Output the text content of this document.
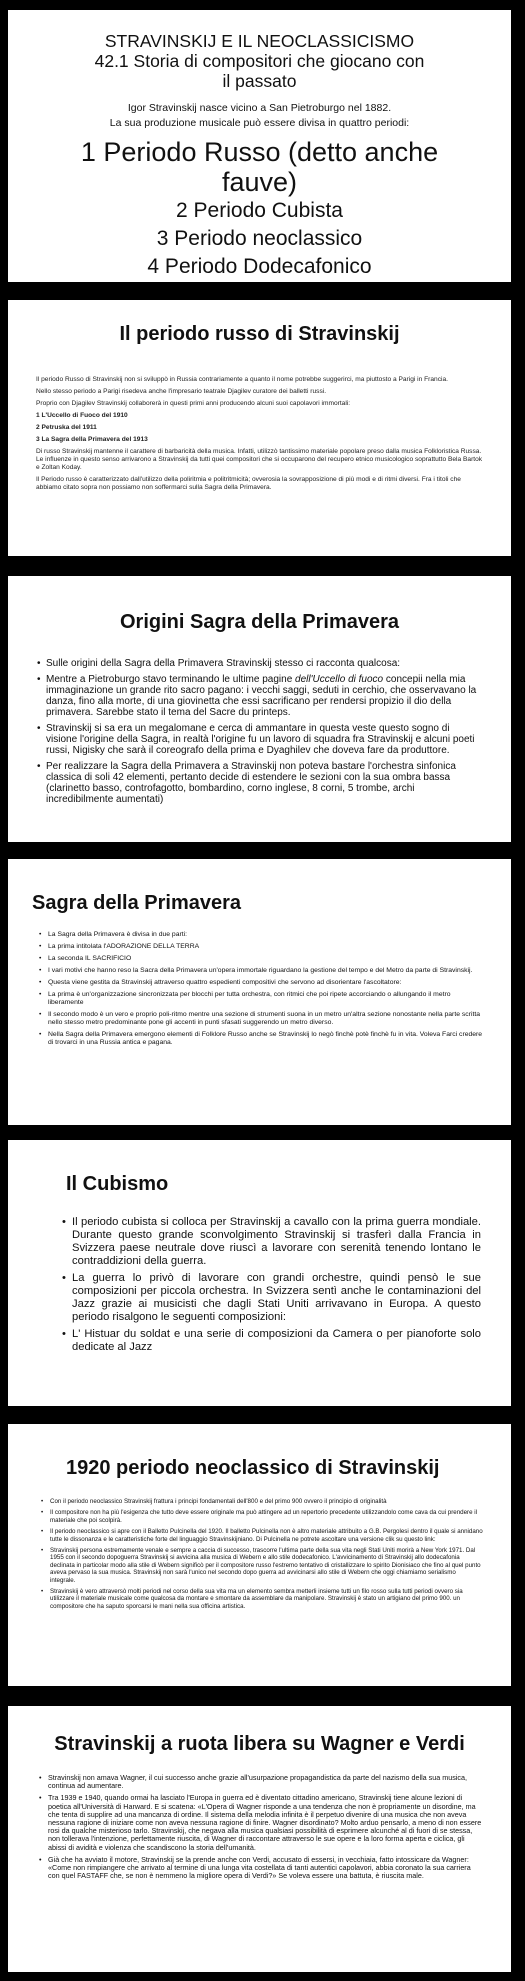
STRAVINSKIJ E IL NEOCLASSICISMO

42.1 Storia di compositori che giocano con

il passato

Igor Stravinskij nasce vicino a San Pietroburgo nel 1882.

La sua produzione musicale può essere divisa in quattro periodi:

1 Periodo Russo (detto anche
fauve)
2 Periodo Cubista
3 Periodo neoclassico
4 Periodo Dodecafonico
Il periodo russo di Stravinskij

Il periodo Russo di Stravinskij non si sviluppò in Russia contrariamente a quanto il nome potrebbe suggerirci, ma piuttosto a Parigi in Francia.

Nello stesso periodo a Parigi risedeva anche l'impresario teatrale Djagilev curatore dei balletti russi.

Proprio con Djagilev Stravinskij collaborerà in questi primi anni producendo alcuni suoi capolavori immortali:

1 L'Uccello di Fuoco del 1910

2 Petruska del 1911

3 La Sagra della Primavera del 1913

Di russo Stravinskij mantenne il carattere di barbaricità della musica. Infatti, utilizzò tantissimo materiale popolare preso dalla musica Folkloristica Russa. Le influenze in questo senso arrivarono a Stravinskij da tutti quei compositori che si occuparono del recupero etnico musicologico soprattutto Bela Bartok e Zoltan Koday.

Il Periodo russo è caratterizzato dall'utilizzo della poliritmia e politritmicità; ovverosia la sovrapposizione di più modi e di ritmi diversi. Fra i titoli che abbiamo citato sopra non possiamo non soffermarci sulla Sagra della Primavera.

Origini Sagra della Primavera
• Sulle origini della Sagra della Primavera Stravinskij stesso ci racconta qualcosa:
• Mentre a Pietroburgo stavo terminando le ultime pagine dell'Uccello di fuoco concepii nella mia immaginazione un grande rito sacro pagano: i vecchi saggi, seduti in cerchio, che osservavano la danza, fino alla morte, di una giovinetta che essi sacrificano per rendersi propizio il dio della primavera. Sarebbe stato il tema del Sacre du printeps.
• Stravinskij si sa era un megalomane e cerca di ammantare in questa veste questo sogno di visione l'origine della Sagra, in realtà l'origine fu un lavoro di squadra fra Stravinskij e alcuni poeti russi, Nigisky che sarà il coreografo della prima e Dyaghilev che doveva fare da produttore.
• Per realizzare la Sagra della Primavera a Stravinskij non poteva bastare l'orchestra sinfonica classica di soli 42 elementi, pertanto decide di estendere le sezioni con la sua ombra bassa (clarinetto basso, controfagotto, bombardino, corno inglese, 8 corni, 5 trombe, archi incredibilmente aumentati)
Sagra della Primavera
• La Sagra della Primavera è divisa in due parti:
• La prima intitolata l'ADORAZIONE DELLA TERRA
• La seconda IL SACRIFICIO
• I vari motivi che hanno reso la Sacra della Primavera un'opera immortale riguardano la gestione del tempo e del Metro da parte di Stravinskij.
• Questa viene gestita da Stravinskij attraverso quattro espedienti compositivi che servono ad disorientare l'ascoltatore:
• La prima è un'organizzazione sincronizzata per blocchi per tutta orchestra, con ritmici che poi ripete accorciando o allungando il metro liberamente
• Il secondo modo è un vero e proprio poli-ritmo mentre una sezione di strumenti suona in un metro un'altra sezione nonostante nella parte scritta nello stesso metro predominante pone gli accenti in punti sfasati suggerendo un metro diverso.
• Nella Sagra della Primavera emergono elementi di Folklore Russo anche se Stravinskij lo negò finchè potè finchè fu in vita. Voleva Farci credere di trovarci in una Russia antica e pagana.
Il Cubismo
• Il periodo cubista si colloca per Stravinskij a cavallo con la prima guerra mondiale. Durante questo grande sconvolgimento Stravinskij si trasferì dalla Francia in Svizzera paese neutrale dove riuscì a lavorare con serenità tenendo lontano le contraddizioni della guerra.
• La guerra lo privò di lavorare con grandi orchestre, quindi pensò le sue composizioni per piccola orchestra. In Svizzera sentì anche le contaminazioni del Jazz grazie ai musicisti che dagli Stati Uniti arrivavano in Europa. A questo periodo risalgono le seguenti composizioni:
• L' Histuar du soldat e una serie di composizioni da Camera o per pianoforte solo dedicate al Jazz
1920 periodo neoclassico di Stravinskij
• Con il periodo neoclassico Stravinskij frattura i principi fondamentali dell'800 e del primo 900 ovvero il principio di originalità
• Il compositore non ha più l'esigenza che tutto deve essere originale ma può attingere ad un repertorio precedente utilizzandolo come cava da cui prendere il materiale che poi scolpirà.
• Il periodo neoclassico si apre con il Balletto Pulcinella del 1920. Il balletto Pulcinella non è altro materiale attribuito a G.B. Pergolesi dentro il quale si annidano tutte le dissonanza e le caratteristiche forte del linguaggio Stravinskijniano. Di Pulcinella ne potrete ascoltare una versione clik su questo link:
• Stravinskij persona estremamente venale e sempre a caccia di successo, trascorre l'ultima parte della sua vita negli Stati Uniti morirà a New York 1971. Dal 1955 con il secondo dopoguerra Stravinskij si avvicina alla musica di Webern e allo stile dodecafonico. L'avvicinamento di Stravinskij allo dodecafonia declinata in particolar modo alla stile di Webern significò per il compositore russo l'estremo tentativo di cristallizzare lo spirito Dionisiaco che fino al quel punto aveva pervaso la sua musica. Stravinskij non sarà l'unico nel secondo dopo guerra ad avvicinarsi allo stile di Webern che oggi chiamiamo serialismo integrale.
• Stravinskij è vero attraversò molti periodi nel corso della sua vita ma un elemento sembra metterli insieme tutti un filo rosso sulla tutti periodi ovvero sia utilizzare il materiale musicale come qualcosa da montare e smontare da assemblare da manipolare. Stravinskij è stato un artigiano del primo 900. un compositore che ha saputo sporcarsi le mani nella sua officina artistica.
Stravinskij a ruota libera su Wagner e Verdi
• Stravinskij non amava Wagner, il cui successo anche grazie all'usurpazione propagandistica da parte del nazismo della sua musica, continua ad aumentare.
• Tra 1939 e 1940, quando ormai ha lasciato l'Europa in guerra ed è diventato cittadino americano, Stravinskij tiene alcune lezioni di poetica all'Università di Harward. E si scatena: «L'Opera di Wagner risponde a una tendenza che non è propriamente un disordine, ma che tenta di supplire ad una mancanza di ordine. Il sistema della melodia infinita è il perpetuo divenire di una musica che non aveva nessuna ragione di iniziare come non aveva nessuna ragione di finire. Wagner disordinato? Molto arduo pensarlo, a meno di non essere rosi da qualche misterioso tarlo. Stravinskij, che negava alla musica qualsiasi possibilità di esprimere alcunché al di fuori di se stessa, non tollerava l'intenzione, perfettamente riuscita, di Wagner di raccontare attraverso le sue opere e la loro forma aperta e ciclica, gli abissi di avidità e violenza che scandiscono la storia dell'umanità.
• Già che ha avviato il motore, Stravinskij se la prende anche con Verdi, accusato di essersi, in vecchiaia, fatto intossicare da Wagner: «Come non rimpiangere che arrivato al termine di una lunga vita costellata di tanti autentici capolavori, abbia coronato la sua carriera con quel FASTAFF che, se non è nemmeno la migliore opera di Verdi?» Se voleva essere una battuta, è riuscita male.
